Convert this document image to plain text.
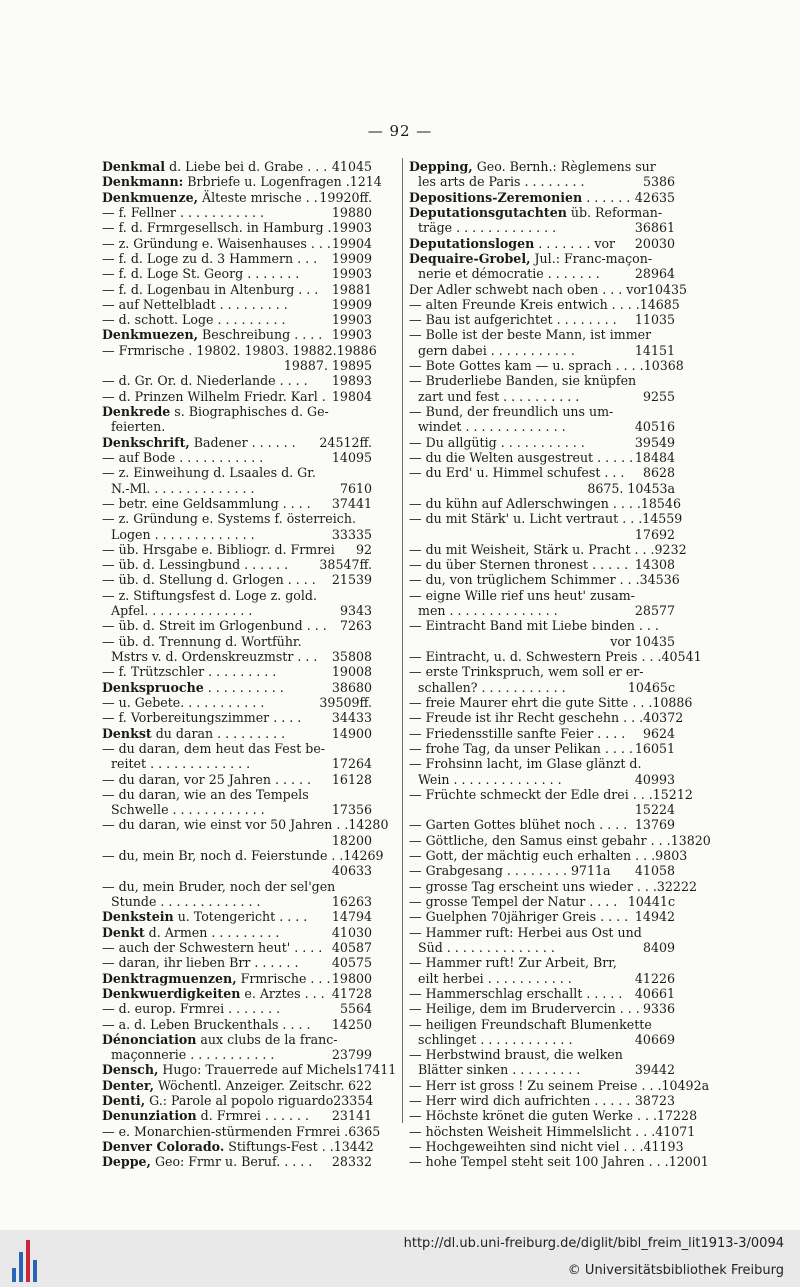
— 92 —
Denkmal d. Liebe bei d. Grabe . . . 41045
Denkmann: Brbriefe u. Logenfragen . 1214
Denkmuenze, Älteste mrische . . 19920ff.
— f. Fellner . . . . . . . . . . .	19880
— f. d. Frmrgesellsch. in Hamburg . 19903
— z. Gründung e. Waisenhauses . . . 19904
— f. d. Loge zu d. 3 Hammern . . . 19909
— f. d. Loge St. Georg . . . . . . .	19903
— f. d. Logenbau in Altenburg . . . 19881
— auf Nettelbladt . . . . . . . . .	19909
— d. schott. Loge . . . . . . . . .	19903
Denkmuezen, Beschreibung . . . . 19903
— Frmrische . 19802. 19803. 19882. 19886
19887. 19895
— d. Gr. Or. d. Niederlande . . . . 19893
— d. Prinzen Wilhelm Friedr. Karl . 19804
Denkrede s. Biographisches d. Ge-
feierten.
Denkschrift, Badener . . . . . . 24512ff.
— auf Bode . . . . . . . . . . .	14095
— z. Einweihung d. Lsaales d. Gr.
N.-Ml. . . . . . . . . . . . . .	7610
— betr. eine Geldsammlung . . . . 37441
— z. Gründung e. Systems f. österreich.
Logen . . . . . . . . . . . . .	33335
— üb. Hrsgabe e. Bibliogr. d. Frmrei 92
— üb. d. Lessingbund . . . . . . 38547ff.
— üb. d. Stellung d. Grlogen . . . . 21539
— z. Stiftungsfest d. Loge z. gold.
Apfel. . . . . . . . . . . . . .	9343
— üb. d. Streit im Grlogenbund . . . 7263
— üb. d. Trennung d. Wortführ.
Mstrs v. d. Ordenskreuzmstr . . . 35808
— f. Trützschler . . . . . . . . .	19008
Denkspruoche . . . . . . . . . .	38680
— u. Gebete. . . . . . . . . . .	39509ff.
— f. Vorbereitungszimmer . . . . 34433
Denkst du daran . . . . . . . . .	14900
— du daran, dem heut das Fest be-
reitet . . . . . . . . . . . . .	17264
— du daran, vor 25 Jahren . . . . . 16128
— du daran, wie an des Tempels
Schwelle . . . . . . . . . . . .	17356
— du daran, wie einst vor 50 Jahren . . 14280
18200
— du, mein Br, noch d. Feierstunde . . 14269
40633
— du, mein Bruder, noch der sel'gen
Stunde . . . . . . . . . . . . .	16263
Denkstein u. Totengericht . . . . 14794
Denkt d. Armen . . . . . . . . .	41030
— auch der Schwestern heut' . . . . 40587
— daran, ihr lieben Brr . . . . . .	40575
Denktragmuenzen, Frmrische . . . 19800
Denkwuerdigkeiten e. Arztes . . . 41728
— d. europ. Frmrei . . . . . . .	5564
— a. d. Leben Bruckenthals . . . . 14250
Dénonciation aux clubs de la franc-
maçonnerie . . . . . . . . . . .	23799
Densch, Hugo: Trauerrede auf Michels 17411
Denter, Wöchentl. Anzeiger. Zeitschr. 622
Denti, G.: Parole al popolo riguardo 23354
Denunziation d. Frmrei . . . . . . 23141
— e. Monarchien-stürmenden Frmrei . 6365
Denver Colorado. Stiftungs-Fest . . 13442
Deppe, Geo: Frmr u. Beruf. . . . . 28332
Depping, Geo. Bernh.: Règlemens sur
les arts de Paris . . . . . . . .	5386
Depositions-Zeremonien . . . . . . 42635
Deputationsgutachten üb. Reforman-
träge . . . . . . . . . . . . .	36861
Deputationslogen . . . . . . . vor 20030
Dequaire-Grobel, Jul.: Franc-maçon-
nerie et démocratie . . . . . . .	28964
Der Adler schwebt nach oben . . . vor 10435
— alten Freunde Kreis entwich . . . . 14685
— Bau ist aufgerichtet . . . . . . . . 11035
— Bolle ist der beste Mann, ist immer
gern dabei . . . . . . . . . . .	14151
— Bote Gottes kam — u. sprach . . . . 10368
— Bruderliebe Banden, sie knüpfen
zart und fest . . . . . . . . . .	9255
— Bund, der freundlich uns um-
windet . . . . . . . . . . . . .	40516
— Du allgütig . . . . . . . . . . .	39549
— du die Welten ausgestreut . . . . . 18484
— du Erd' u. Himmel schufest . . . 8628
8675. 10453a
— du kühn auf Adlerschwingen . . . . 18546
— du mit Stärk' u. Licht vertraut . . . 14559
17692
— du mit Weisheit, Stärk u. Pracht . . . 9232
— du über Sternen thronest . . . . . 14308
— du, von trüglichem Schimmer . . . 34536
— eigne Wille rief uns heut' zusam-
men . . . . . . . . . . . . . .	28577
— Eintracht Band mit Liebe binden . . .
vor 10435
— Eintracht, u. d. Schwestern Preis . . . 40541
— erste Trinkspruch, wem soll er er-
schallen? . . . . . . . . . . .	10465c
— freie Maurer ehrt die gute Sitte . . . 10886
— Freude ist ihr Recht geschehn . . . 40372
— Friedensstille sanfte Feier . . . . 9624
— frohe Tag, da unser Pelikan . . . . 16051
— Frohsinn lacht, im Glase glänzt d.
Wein . . . . . . . . . . . . . .	40993
— Früchte schmeckt der Edle drei . . . 15212
15224
— Garten Gottes blühet noch . . . . 13769
— Göttliche, den Samus einst gebahr . . . 13820
— Gott, der mächtig euch erhalten . . . 9803
— Grabgesang . . . . . . . . 9711a 41058
— grosse Tag erscheint uns wieder . . . 32222
— grosse Tempel der Natur . . . . 10441c
— Guelphen 70jähriger Greis . . . . 14942
— Hammer ruft: Herbei aus Ost und
Süd . . . . . . . . . . . . . .	8409
— Hammer ruft! Zur Arbeit, Brr,
eilt herbei . . . . . . . . . . .	41226
— Hammerschlag erschallt . . . . . 40661
— Heilige, dem im Brudervercin . . . 9336
— heiligen Freundschaft Blumenkette
schlinget . . . . . . . . . . . .	40669
— Herbstwind braust, die welken
Blätter sinken . . . . . . . . .	39442
— Herr ist gross ! Zu seinem Preise . . . 10492a
— Herr wird dich aufrichten . . . . . 38723
— Höchste krönet die guten Werke . . . 17228
— höchsten Weisheit Himmelslicht . . . 41071
— Hochgeweihten sind nicht viel . . . 41193
— hohe Tempel steht seit 100 Jahren . . . 12001
http://dl.ub.uni-freiburg.de/diglit/bibl_freim_lit1913-3/0094
© Universitätsbibliothek Freiburg
